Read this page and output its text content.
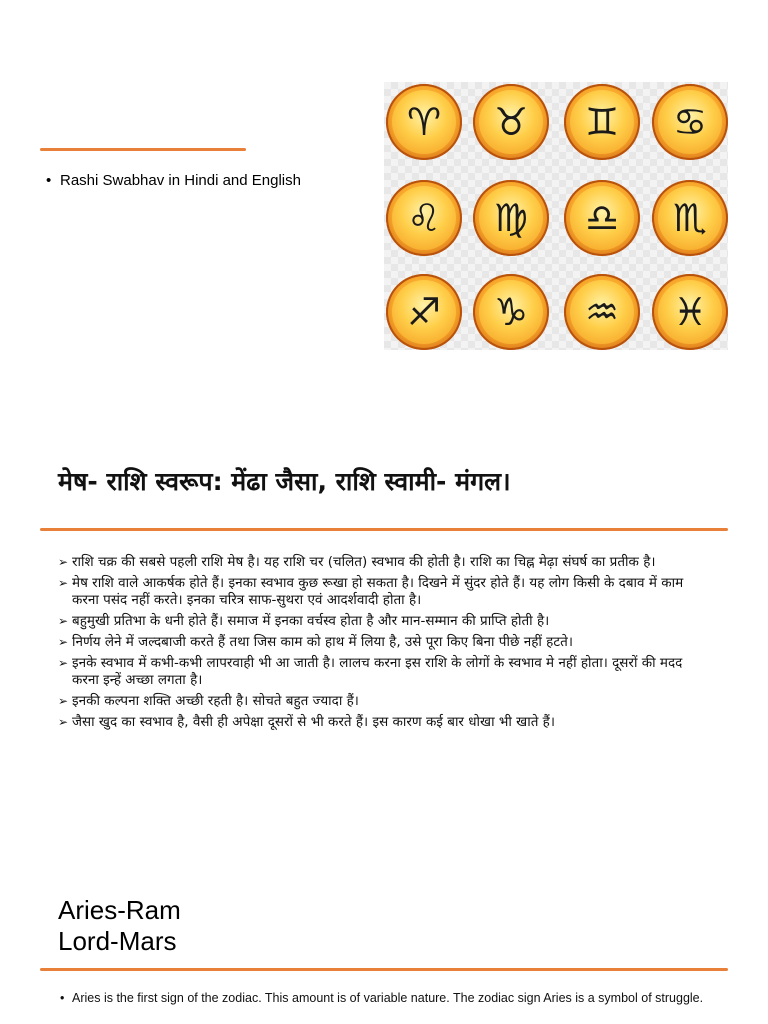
• Rashi Swabhav in Hindi and English
♈	♉	♊	♋
♌	♍	♎	♏
♐	♑	♒	♓
मेष- राशि स्वरूप: मेंढा जैसा, राशि स्वामी- मंगल।
➢ राशि चक्र की सबसे पहली राशि मेष है। यह राशि चर (चलित) स्वभाव की होती है। राशि का चिह्न मेढ़ा संघर्ष का प्रतीक है।
➢ मेष राशि वाले आकर्षक होते हैं। इनका स्वभाव कुछ रूखा हो सकता है। दिखने में सुंदर होते हैं। यह लोग किसी के दबाव में काम करना पसंद नहीं करते। इनका चरित्र साफ-सुथरा एवं आदर्शवादी होता है।
➢ बहुमुखी प्रतिभा के धनी होते हैं। समाज में इनका वर्चस्व होता है और मान-सम्मान की प्राप्ति होती है।
➢ निर्णय लेने में जल्दबाजी करते हैं तथा जिस काम को हाथ में लिया है, उसे पूरा किए बिना पीछे नहीं हटते।
➢ इनके स्वभाव में कभी-कभी लापरवाही भी आ जाती है। लालच करना इस राशि के लोगों के स्वभाव मे नहीं होता। दूसरों की मदद करना इन्हें अच्छा लगता है।
➢ इनकी कल्पना शक्ति अच्छी रहती है। सोचते बहुत ज्यादा हैं।
➢ जैसा खुद का स्वभाव है, वैसी ही अपेक्षा दूसरों से भी करते हैं। इस कारण कई बार धोखा भी खाते हैं।
Aries-Ram
Lord-Mars
• Aries is the first sign of the zodiac. This amount is of variable nature. The zodiac sign Aries is a symbol of struggle.
